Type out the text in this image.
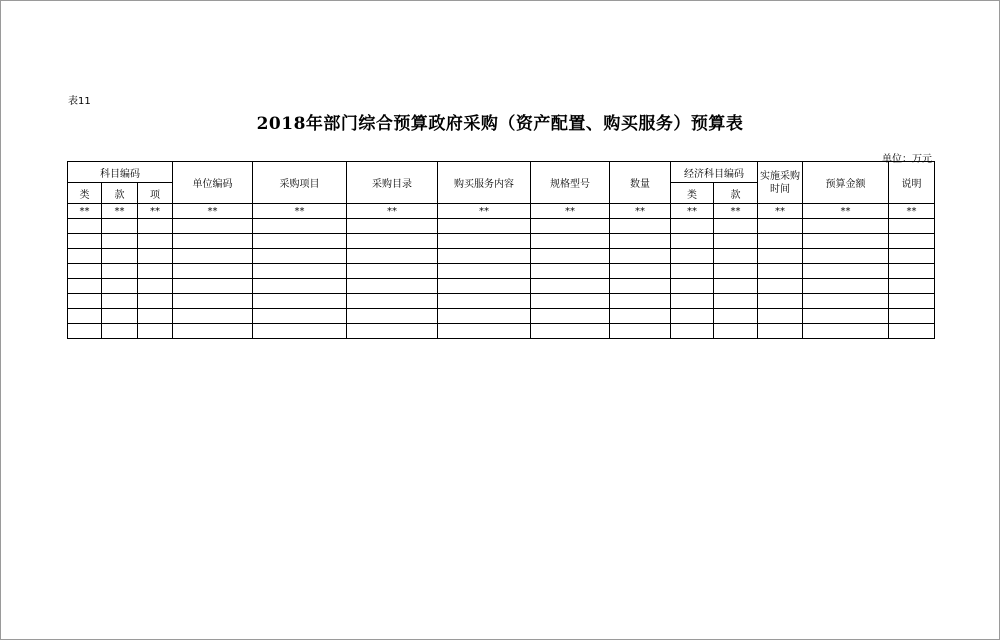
表11
2018年部门综合预算政府采购（资产配置、购买服务）预算表
单位：万元
科目编码			单位编码	采购项目	采购目录	购买服务内容	规格型号	数量	经济科目编码		实施采购时间	预算金额	说明
类	款	项							类	款			
**	**	**	**	**	**	**	**	**	**	**	**	**	**
